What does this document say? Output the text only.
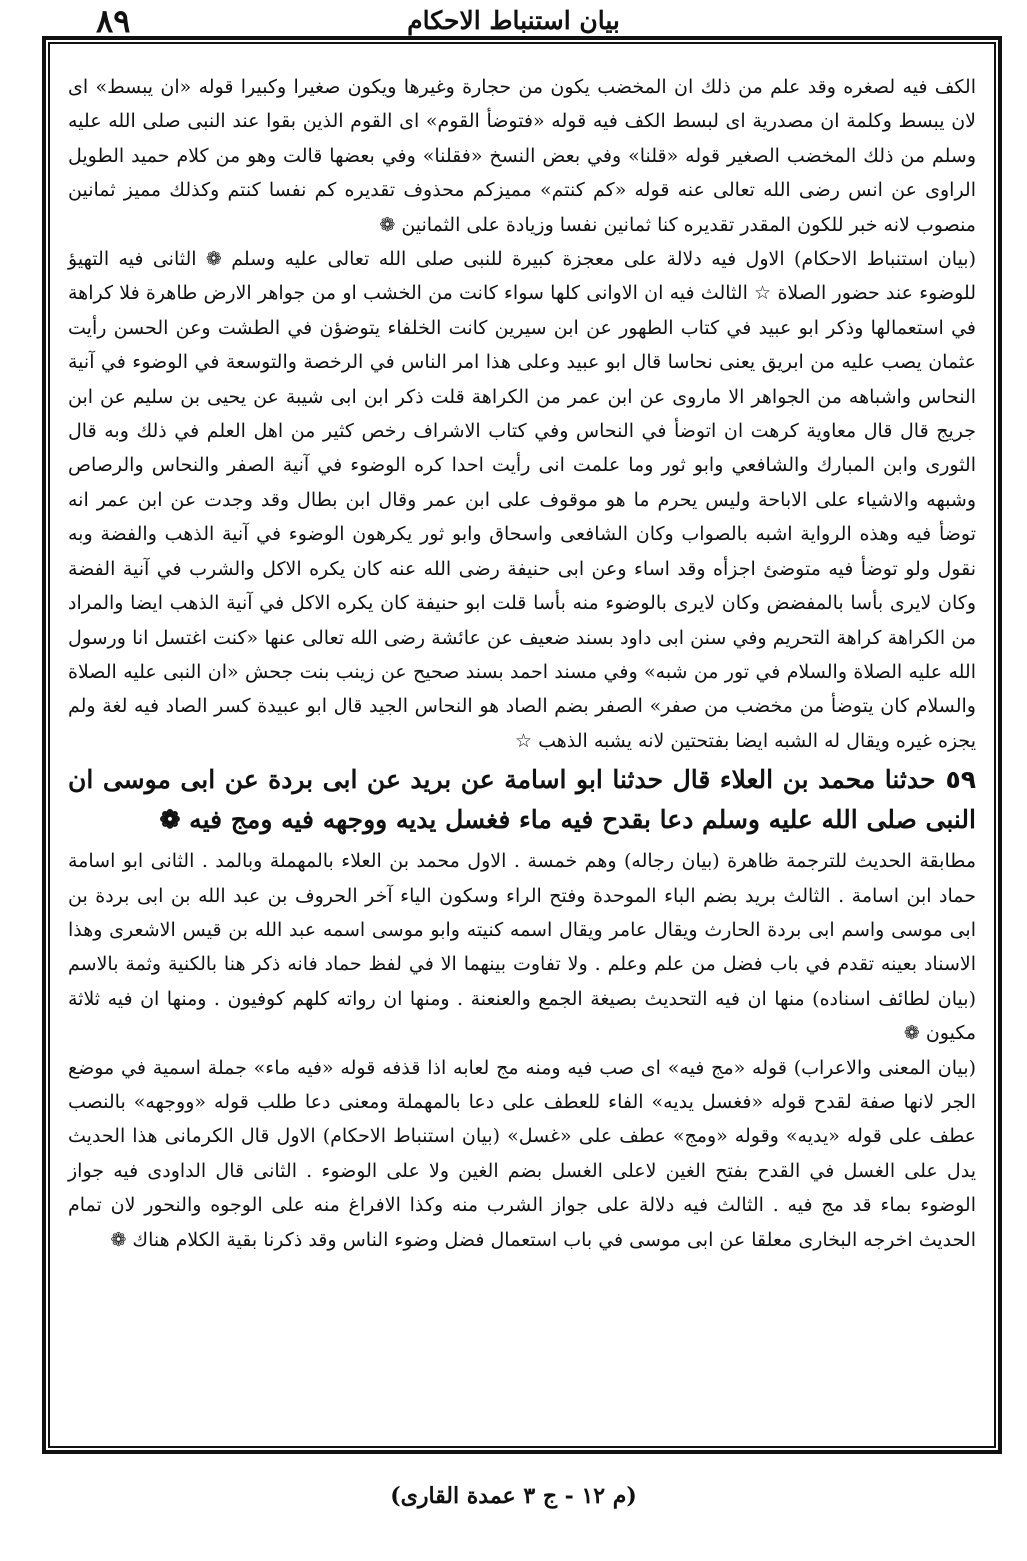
٨٩	بيان استنباط الاحكام

الكف فيه لصغره وقد علم من ذلك ان المخضب يكون من حجارة وغيرها ويكون صغيرا وكبيرا قوله «ان يبسط» اى لان يبسط وكلمة ان مصدرية اى لبسط الكف فيه قوله «فتوضأ القوم» اى القوم الذين بقوا عند النبى صلى الله عليه وسلم من ذلك المخضب الصغير قوله «قلنا» وفي بعض النسخ «فقلنا» وفي بعضها قالت وهو من كلام حميد الطويل الراوى عن انس رضى الله تعالى عنه قوله «كم كنتم» مميزكم محذوف تقديره كم نفسا كنتم وكذلك مميز ثمانين منصوب لانه خبر للكون المقدر تقديره كنا ثمانين نفسا وزيادة على الثمانين ❁

(بيان استنباط الاحكام) الاول فيه دلالة على معجزة كبيرة للنبى صلى الله تعالى عليه وسلم ❁ الثانى فيه التهيؤ للوضوء عند حضور الصلاة ☆ الثالث فيه ان الاوانى كلها سواء كانت من الخشب او من جواهر الارض طاهرة فلا كراهة في استعمالها وذكر ابو عبيد في كتاب الطهور عن ابن سيرين كانت الخلفاء يتوضؤن في الطشت وعن الحسن رأيت عثمان يصب عليه من ابريق يعنى نحاسا قال ابو عبيد وعلى هذا امر الناس في الرخصة والتوسعة في الوضوء في آنية النحاس واشباهه من الجواهر الا ماروى عن ابن عمر من الكراهة قلت ذكر ابن ابى شيبة عن يحيى بن سليم عن ابن جريج قال قال معاوية كرهت ان اتوضأ في النحاس وفي كتاب الاشراف رخص كثير من اهل العلم في ذلك وبه قال الثورى وابن المبارك والشافعي وابو ثور وما علمت انى رأيت احدا كره الوضوء في آنية الصفر والنحاس والرصاص وشبهه والاشياء على الاباحة وليس يحرم ما هو موقوف على ابن عمر وقال ابن بطال وقد وجدت عن ابن عمر انه توضأ فيه وهذه الرواية اشبه بالصواب وكان الشافعى واسحاق وابو ثور يكرهون الوضوء في آنية الذهب والفضة وبه نقول ولو توضأ فيه متوضئ اجزأه وقد اساء وعن ابى حنيفة رضى الله عنه كان يكره الاكل والشرب في آنية الفضة وكان لايرى بأسا بالمفضض وكان لايرى بالوضوء منه بأسا قلت ابو حنيفة كان يكره الاكل في آنية الذهب ايضا والمراد من الكراهة كراهة التحريم وفي سنن ابى داود بسند ضعيف عن عائشة رضى الله تعالى عنها «كنت اغتسل انا ورسول الله عليه الصلاة والسلام في تور من شبه» وفي مسند احمد بسند صحيح عن زينب بنت جحش «ان النبى عليه الصلاة والسلام كان يتوضأ من مخضب من صفر» الصفر بضم الصاد هو النحاس الجيد قال ابو عبيدة كسر الصاد فيه لغة ولم يجزه غيره ويقال له الشبه ايضا بفتحتين لانه يشبه الذهب ☆

٥٩حدثنا محمد بن العلاء قال حدثنا ابو اسامة عن بريد عن ابى بردة عن ابى موسى ان النبى صلى الله عليه وسلم دعا بقدح فيه ماء فغسل يديه ووجهه فيه ومج فيه ❁

مطابقة الحديث للترجمة ظاهرة (بيان رجاله) وهم خمسة . الاول محمد بن العلاء بالمهملة وبالمد . الثانى ابو اسامة حماد ابن اسامة . الثالث بريد بضم الباء الموحدة وفتح الراء وسكون الياء آخر الحروف بن عبد الله بن ابى بردة بن ابى موسى واسم ابى بردة الحارث ويقال عامر ويقال اسمه كنيته وابو موسى اسمه عبد الله بن قيس الاشعرى وهذا الاسناد بعينه تقدم في باب فضل من علم وعلم . ولا تفاوت بينهما الا في لفظ حماد فانه ذكر هنا بالكنية وثمة بالاسم (بيان لطائف اسناده) منها ان فيه التحديث بصيغة الجمع والعنعنة . ومنها ان رواته كلهم كوفيون . ومنها ان فيه ثلاثة مكيون ❁

(بيان المعنى والاعراب) قوله «مج فيه» اى صب فيه ومنه مج لعابه اذا قذفه قوله «فيه ماء» جملة اسمية في موضع الجر لانها صفة لقدح قوله «فغسل يديه» الفاء للعطف على دعا بالمهملة ومعنى دعا طلب قوله «ووجهه» بالنصب عطف على قوله «يديه» وقوله «ومج» عطف على «غسل» (بيان استنباط الاحكام) الاول قال الكرمانى هذا الحديث يدل على الغسل في القدح بفتح الغين لاعلى الغسل بضم الغين ولا على الوضوء . الثانى قال الداودى فيه جواز الوضوء بماء قد مج فيه . الثالث فيه دلالة على جواز الشرب منه وكذا الافراغ منه على الوجوه والنحور لان تمام الحديث اخرجه البخارى معلقا عن ابى موسى في باب استعمال فضل وضوء الناس وقد ذكرنا بقية الكلام هناك ❁

(م ١٢ - ج ٣ عمدة القارى)
